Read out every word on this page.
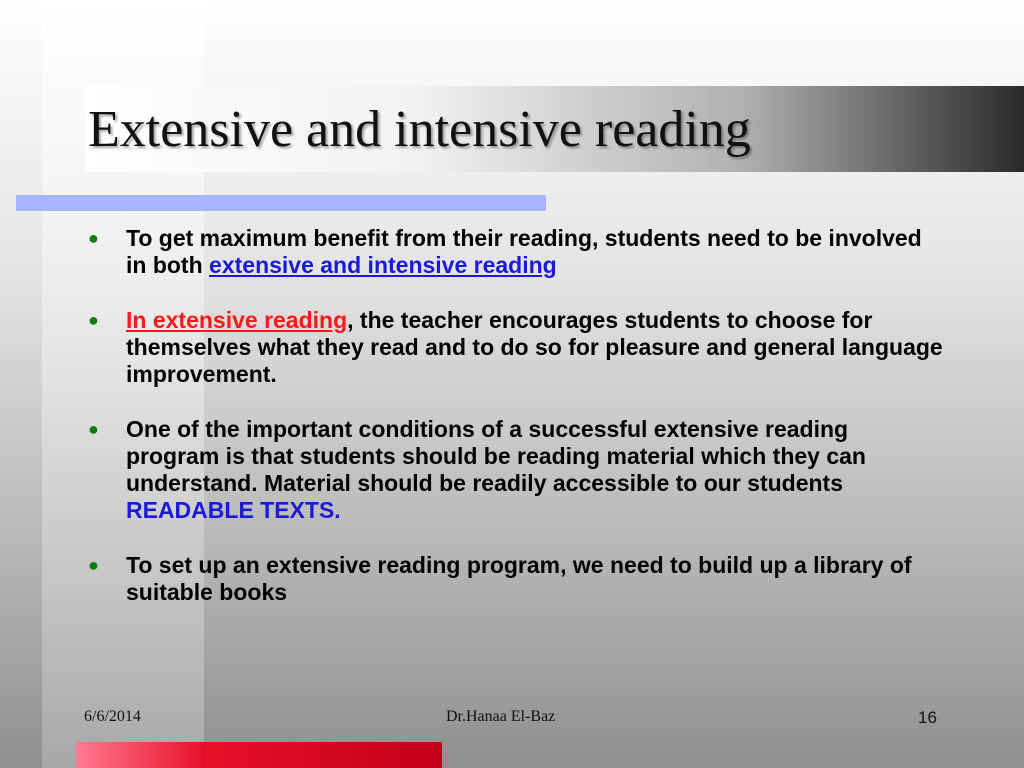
Extensive and intensive reading
● To get maximum benefit from their reading, students need to be involved in both extensive and intensive reading
● In extensive reading, the teacher encourages students to choose for themselves what they read and to do so for pleasure and general language improvement.
● One of the important conditions of a successful extensive reading program is that students should be reading material which they can understand. Material should be readily accessible to our students READABLE TEXTS.
● To set up an extensive reading program, we need to build up a library of suitable books
6/6/2014	Dr.Hanaa El-Baz	16
